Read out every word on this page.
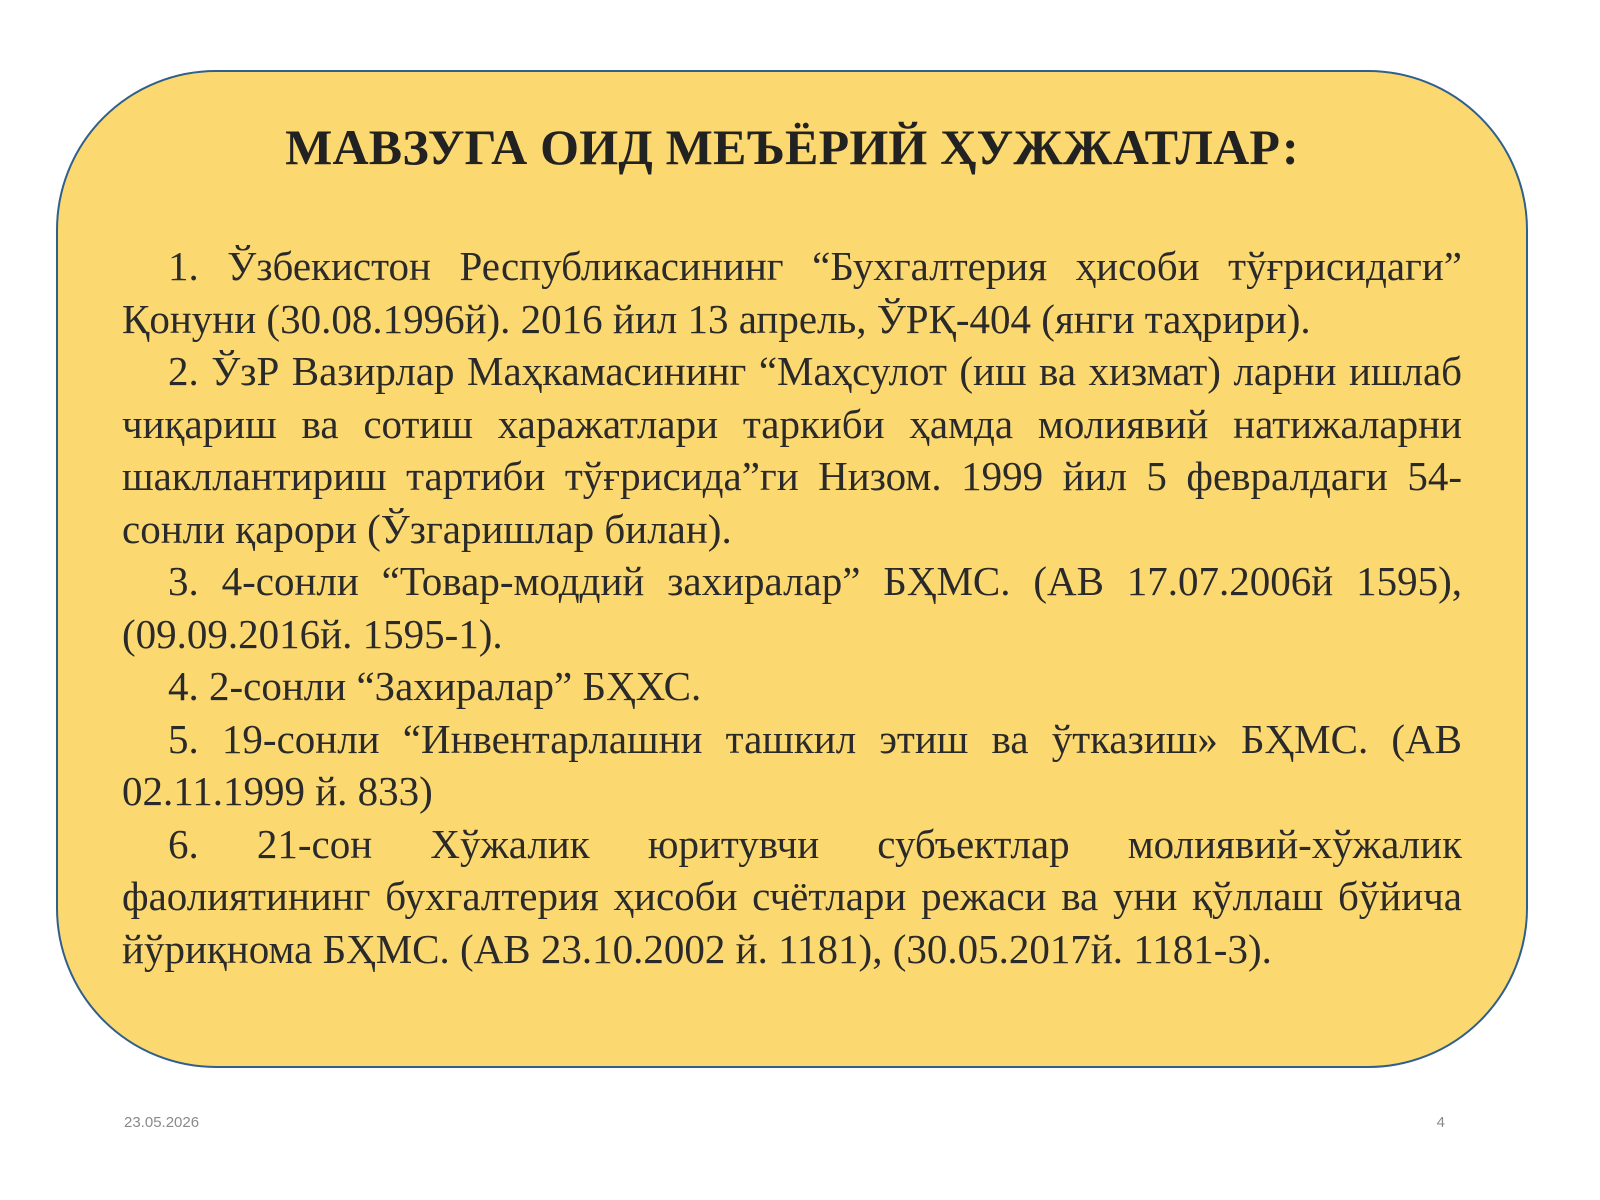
МАВЗУГА ОИД МЕЪЁРИЙ ҲУЖЖАТЛАР:

1. Ўзбекистон Республикасининг “Бухгалтерия ҳисоби тўғрисидаги” Қонуни (30.08.1996й). 2016 йил 13 апрель, ЎРҚ-404 (янги таҳрири).

2. ЎзР Вазирлар Маҳкамасининг “Маҳсулот (иш ва хизмат) ларни ишлаб чиқариш ва сотиш харажатлари таркиби ҳамда молиявий натижаларни шакллантириш тартиби тўғрисида”ги Низом. 1999 йил 5 февралдаги 54-сонли қарори (Ўзгаришлар билан).

3. 4-сонли “Товар-моддий захиралар” БҲМС. (АВ 17.07.2006й 1595), (09.09.2016й. 1595-1).

4. 2-сонли “Захиралар” БҲХС.

5. 19-сонли “Инвентарлашни ташкил этиш ва ўтказиш» БҲМС. (АВ 02.11.1999 й. 833)

6. 21-сон Хўжалик юритувчи субъектлар молиявий-хўжалик фаолиятининг бухгалтерия ҳисоби счётлари режаси ва уни қўллаш бўйича йўриқнома БҲМС. (АВ 23.10.2002 й. 1181), (30.05.2017й. 1181-3).

23.05.2026	4
